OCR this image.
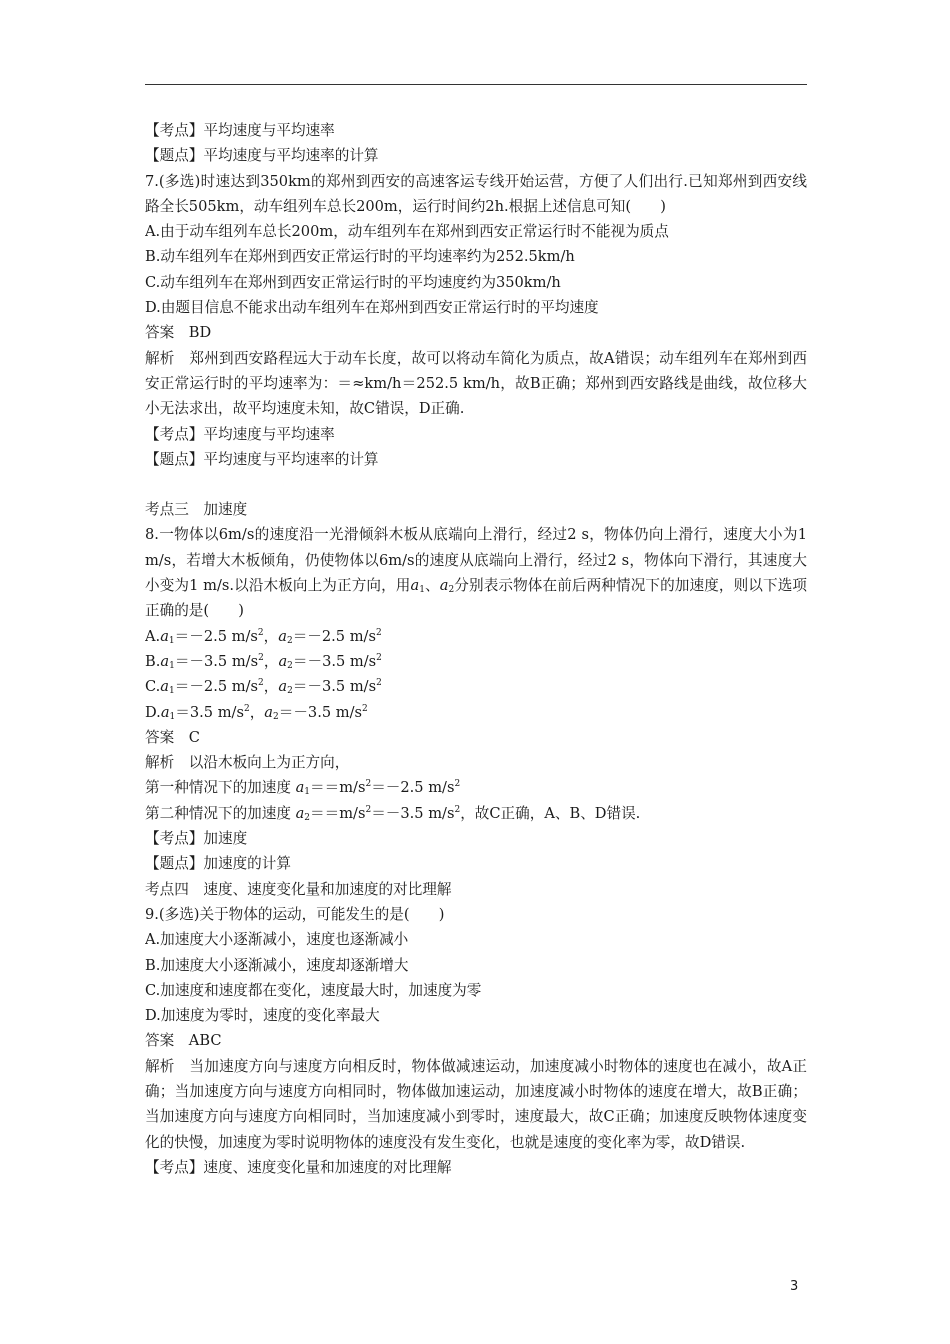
【考点】平均速度与平均速率
【题点】平均速度与平均速率的计算
7.(多选)时速达到350km的郑州到西安的高速客运专线开始运营，方便了人们出行.已知郑州到西安线路全长505km，动车组列车总长200m，运行时间约2h.根据上述信息可知(　　)
A.由于动车组列车总长200m，动车组列车在郑州到西安正常运行时不能视为质点
B.动车组列车在郑州到西安正常运行时的平均速率约为252.5km/h
C.动车组列车在郑州到西安正常运行时的平均速度约为350km/h
D.由题目信息不能求出动车组列车在郑州到西安正常运行时的平均速度
答案　BD
解析　郑州到西安路程远大于动车长度，故可以将动车简化为质点，故A错误；动车组列车在郑州到西安正常运行时的平均速率为：＝≈km/h＝252.5 km/h，故B正确；郑州到西安路线是曲线，故位移大小无法求出，故平均速度未知，故C错误，D正确.
【考点】平均速度与平均速率
【题点】平均速度与平均速率的计算
考点三　加速度
8.一物体以6m/s的速度沿一光滑倾斜木板从底端向上滑行，经过2 s，物体仍向上滑行，速度大小为1 m/s，若增大木板倾角，仍使物体以6m/s的速度从底端向上滑行，经过2 s，物体向下滑行，其速度大小变为1 m/s.以沿木板向上为正方向，用$a_1$、$a_2$分别表示物体在前后两种情况下的加速度，则以下选项正确的是(　　)
$A.a_1=-2.5$ $m/s^2$，$a_2=-2.5$ $m/s^2$
$B.a_1=-3.5$ $m/s^2$，$a_2=-3.5$ $m/s^2$
$C.a_1=-2.5$ $m/s^2$，$a_2=-3.5$ $m/s^2$
$D.a_1=3.5$ $m/s^2$，$a_2=-3.5$ $m/s^2$
答案　C
解析　以沿木板向上为正方向，
第一种情况下的加速度 $a_1==m/s^2=-2.5$ $m/s^2$
第二种情况下的加速度 $a_2==m/s^2=-3.5$ $m/s^2$，故C正确，A、B、D错误.
【考点】加速度
【题点】加速度的计算
考点四　速度、速度变化量和加速度的对比理解
9.(多选)关于物体的运动，可能发生的是(　　)
A.加速度大小逐渐减小，速度也逐渐减小
B.加速度大小逐渐减小，速度却逐渐增大
C.加速度和速度都在变化，速度最大时，加速度为零
D.加速度为零时，速度的变化率最大
答案　ABC
解析　当加速度方向与速度方向相反时，物体做减速运动，加速度减小时物体的速度也在减小，故A正确；当加速度方向与速度方向相同时，物体做加速运动，加速度减小时物体的速度在增大，故B正确；当加速度方向与速度方向相同时，当加速度减小到零时，速度最大，故C正确；加速度反映物体速度变化的快慢，加速度为零时说明物体的速度没有发生变化，也就是速度的变化率为零，故D错误.
【考点】速度、速度变化量和加速度的对比理解
3
